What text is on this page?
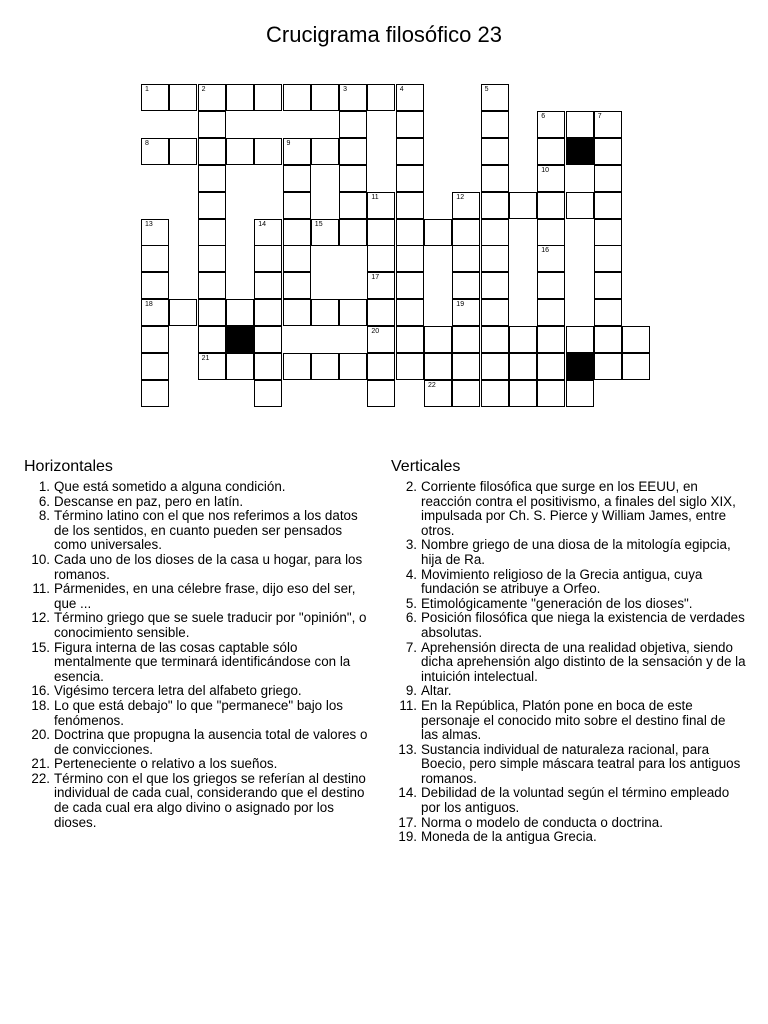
Crucigrama filosófico 23
1	2	3	4
6	7
8	9
12
15
18
20
21
22
5
10
16
11
17
19
13	14
Horizontales
1. Que está sometido a alguna condición.
6. Descanse en paz, pero en latín.
8. Término latino con el que nos referimos a los datos de los sentidos, en cuanto pueden ser pensados como universales.
10. Cada uno de los dioses de la casa u hogar, para los romanos.
11. Pármenides, en una célebre frase, dijo eso del ser, que ...
12. Término griego que se suele traducir por "opinión", o conocimiento sensible.
15. Figura interna de las cosas captable sólo mentalmente que terminará identificándose con la esencia.
16. Vigésimo tercera letra del alfabeto griego.
18. Lo que está debajo" lo que "permanece" bajo los fenómenos.
20. Doctrina que propugna la ausencia total de valores o de convicciones.
21. Perteneciente o relativo a los sueños.
22. Término con el que los griegos se referían al destino individual de cada cual, considerando que el destino de cada cual era algo divino o asignado por los dioses.
Verticales
2. Corriente filosófica que surge en los EEUU, en reacción contra el positivismo, a finales del siglo XIX, impulsada por Ch. S. Pierce y William James, entre otros.
3. Nombre griego de una diosa de la mitología egipcia, hija de Ra.
4. Movimiento religioso de la Grecia antigua, cuya fundación se atribuye a Orfeo.
5. Etimológicamente "generación de los dioses".
6. Posición filosófica que niega la existencia de verdades absolutas.
7. Aprehensión directa de una realidad objetiva, siendo dicha aprehensión algo distinto de la sensación y de la intuición intelectual.
9. Altar.
11. En la República, Platón pone en boca de este personaje el conocido mito sobre el destino final de las almas.
13. Sustancia individual de naturaleza racional, para Boecio, pero simple máscara teatral para los antiguos romanos.
14. Debilidad de la voluntad según el término empleado por los antiguos.
17. Norma o modelo de conducta o doctrina.
19. Moneda de la antigua Grecia.
